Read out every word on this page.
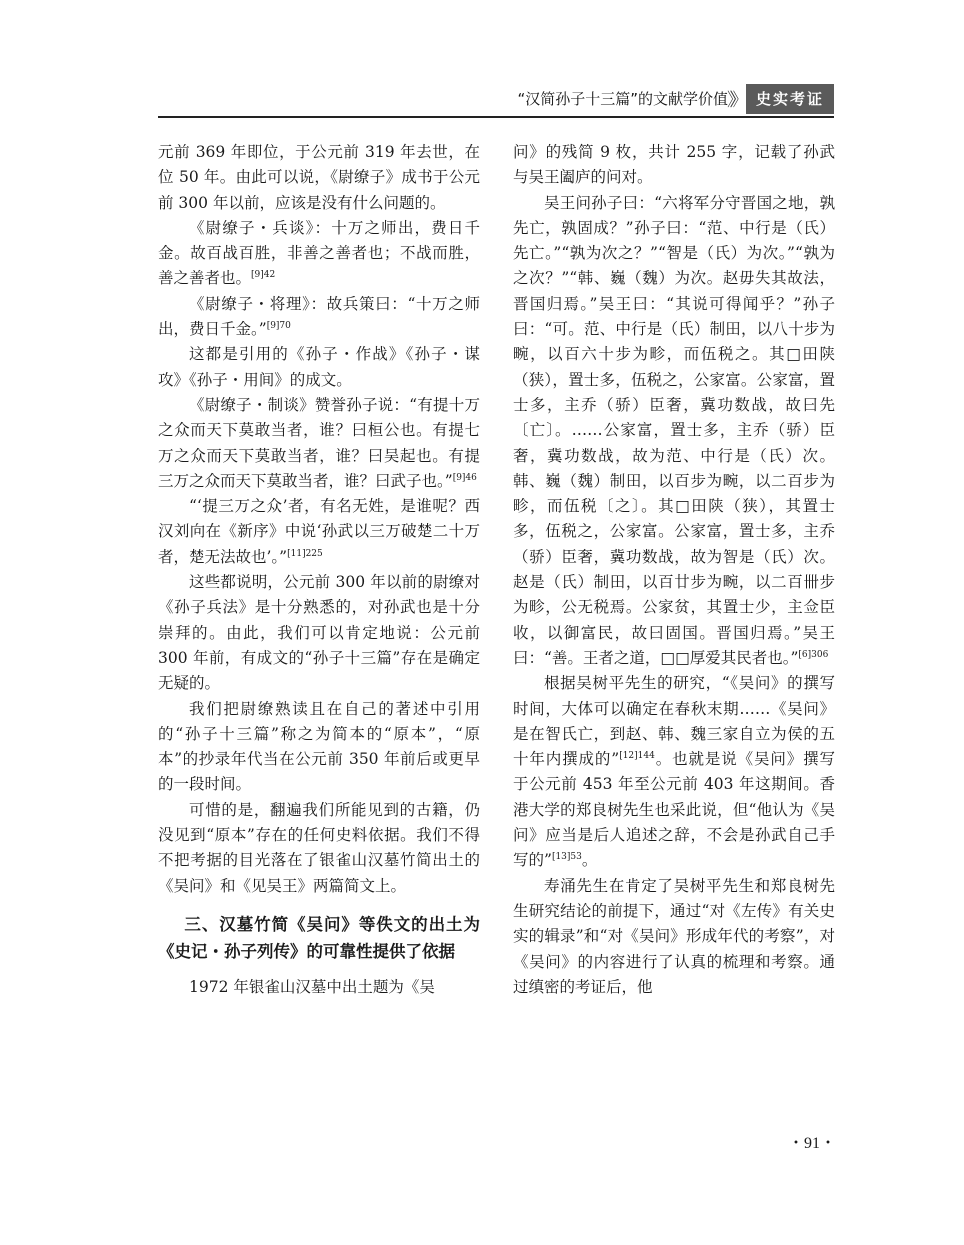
“汉简孙子十三篇”的文献学价值 》》 史实考证

元前 369 年即位，于公元前 319 年去世，在位 50 年。由此可以说，《尉缭子》成书于公元前 300 年以前，应该是没有什么问题的。

《尉缭子・兵谈》：十万之师出，费日千金。故百战百胜，非善之善者也；不战而胜，善之善者也。$^{[9]42}$

《尉缭子・将理》：故兵策曰：“十万之师出，费日千金。”$^{[9]70}$

这都是引用的《孙子・作战》《孙子・谋攻》《孙子・用间》的成文。

《尉缭子・制谈》赞誉孙子说：“有提十万之众而天下莫敢当者，谁？曰桓公也。有提七万之众而天下莫敢当者，谁？曰吴起也。有提三万之众而天下莫敢当者，谁？曰武子也。”$^{[9]46}$

“‘提三万之众’者，有名无姓，是谁呢？西汉刘向在《新序》中说‘孙武以三万破楚二十万者，楚无法故也’。”$^{[11]225}$

这些都说明，公元前 300 年以前的尉缭对《孙子兵法》是十分熟悉的，对孙武也是十分崇拜的。由此，我们可以肯定地说：公元前 300 年前，有成文的“孙子十三篇”存在是确定无疑的。

我们把尉缭熟读且在自己的著述中引用的“孙子十三篇”称之为简本的“原本”，“原本”的抄录年代当在公元前 350 年前后或更早的一段时间。

可惜的是，翻遍我们所能见到的古籍，仍没见到“原本”存在的任何史料依据。我们不得不把考据的目光落在了银雀山汉墓竹简出土的《吴问》和《见吴王》两篇简文上。

三、汉墓竹简《吴问》等佚文的出土为《史记・孙子列传》的可靠性提供了依据

1972 年银雀山汉墓中出土题为《吴

问》的残简 9 枚，共计 255 字，记载了孙武与吴王阖庐的问对。

吴王问孙子曰：“六将军分守晋国之地，孰先亡，孰固成？”孙子曰：“范、中行是（氏）先亡。”“孰为次之？”“智是（氏）为次。”“孰为之次？”“韩、巍（魏）为次。赵毋失其故法，晋国归焉。”吴王曰：“其说可得闻乎？”孙子曰：“可。范、中行是（氏）制田，以八十步为畹，以百六十步为畛，而伍税之。其□田陕（狭），置士多，伍税之，公家富。公家富，置士多，主乔（骄）臣奢，冀功数战，故曰先〔亡〕。……公家富，置士多，主乔（骄）臣奢，冀功数战，故为范、中行是（氏）次。韩、巍（魏）制田，以百步为畹，以二百步为畛，而伍税〔之〕。其□田陕（狭），其置士多，伍税之，公家富。公家富，置士多，主乔（骄）臣奢，冀功数战，故为智是（氏）次。赵是（氏）制田，以百廿步为畹，以二百卌步为畛，公无税焉。公家贫，其置士少，主佥臣收，以御富民，故曰固国。晋国归焉。”吴王曰：“善。王者之道，□□厚爱其民者也。”$^{[6]306}$

根据吴树平先生的研究，“《吴问》的撰写时间，大体可以确定在春秋末期……《吴问》是在智氏亡，到赵、韩、魏三家自立为侯的五十年内撰成的”$^{[12]144}$。也就是说《吴问》撰写于公元前 453 年至公元前 403 年这期间。香港大学的郑良树先生也采此说，但“他认为《吴问》应当是后人追述之辞，不会是孙武自己手写的”$^{[13]53}$。

寿涌先生在肯定了吴树平先生和郑良树先生研究结论的前提下，通过“对《左传》有关史实的辑录”和“对《吴问》形成年代的考察”，对《吴问》的内容进行了认真的梳理和考察。通过缜密的考证后，他

・91・
